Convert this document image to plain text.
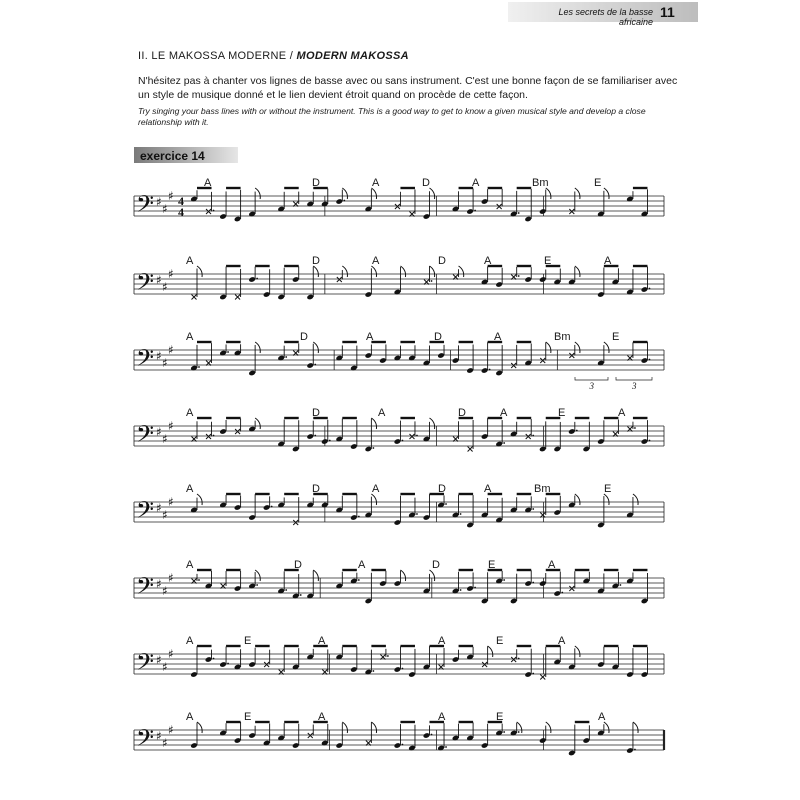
Les secrets de la basse africaine
11
II. LE MAKOSSA MODERNE / MODERN MAKOSSA
N'hésitez pas à chanter vos lignes de basse avec ou sans instrument. C'est une bonne façon de se familiariser avec un style de musique donné et le lien devient étroit quand on procède de cette façon.
Try singing your bass lines with or without the instrument. This is a good way to get to know a given musical style and develop a close relationship with it.
exercice 14
𝄢 ♯ ♯
♯ 4
4
A	D	A	D	A	Bm	E
𝄢 ♯ ♯
♯
A	D	A	D	A	E	A
𝄢 ♯ ♯
♯
A	D	A	D	A	Bm	E
3	3
𝄢 ♯ ♯
♯
A	D	A	D	A	E	A
𝄢 ♯ ♯
♯
A	D	A	D	A	Bm	E
𝄢 ♯ ♯
♯
A	D	A	D	E	A
𝄢 ♯ ♯
♯
A	E	A	A	E	A
𝄢 ♯ ♯
♯
A	E	A	A	E	A
